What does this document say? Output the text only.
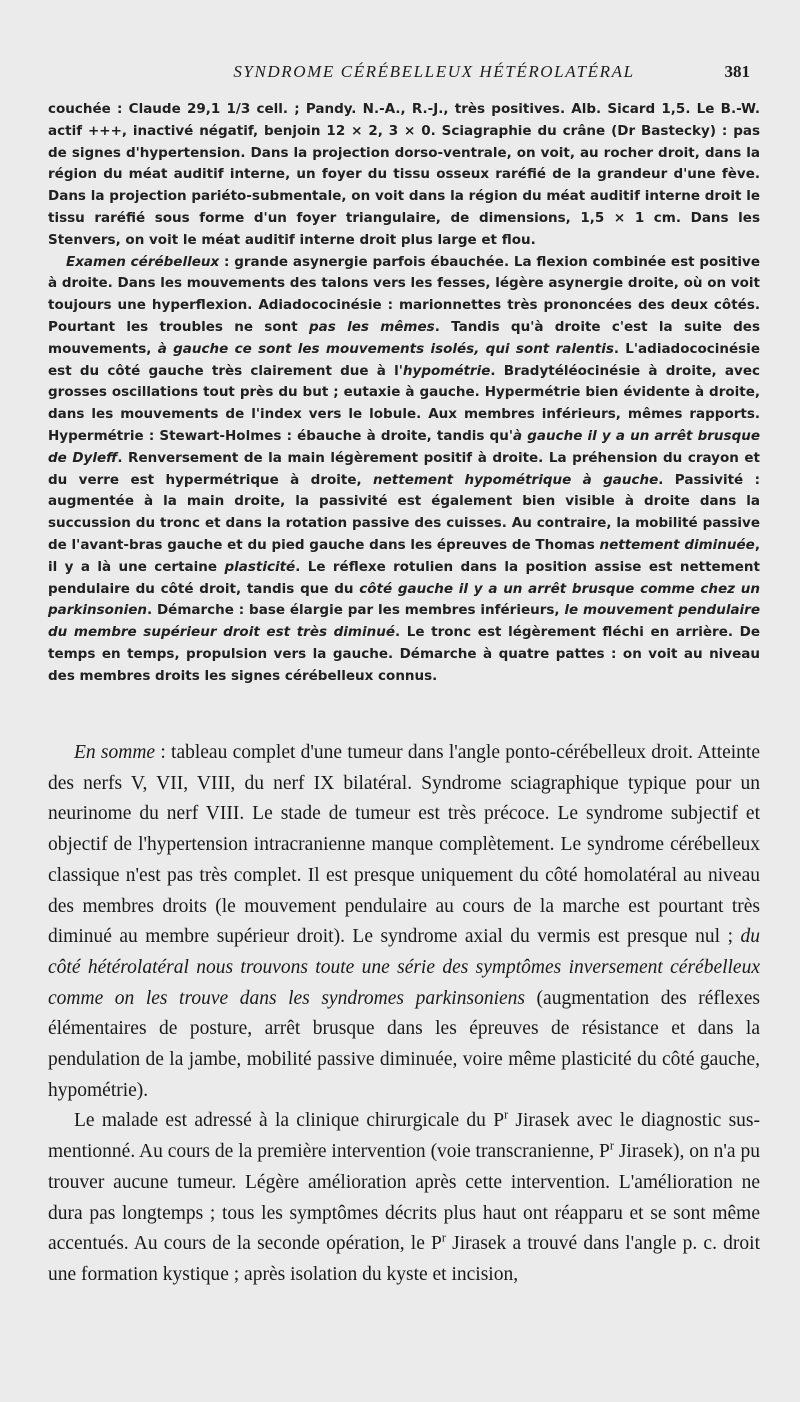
SYNDROME CÉRÉBELLEUX HÉTÉROLATÉRAL	381

couchée : Claude 29,1 1/3 cell. ; Pandy. N.-A., R.-J., très positives. Alb. Sicard 1,5. Le B.-W. actif +++, inactivé négatif, benjoin 12 × 2, 3 × 0. Sciagraphie du crâne (Dr Bastecky) : pas de signes d'hypertension. Dans la projection dorso-ventrale, on voit, au rocher droit, dans la région du méat auditif interne, un foyer du tissu osseux raréfié de la grandeur d'une fève. Dans la projection pariéto-submentale, on voit dans la région du méat auditif interne droit le tissu raréfié sous forme d'un foyer triangulaire, de dimensions, 1,5 × 1 cm. Dans les Stenvers, on voit le méat auditif interne droit plus large et flou.

Examen cérébelleux : grande asynergie parfois ébauchée. La flexion combinée est positive à droite. Dans les mouvements des talons vers les fesses, légère asynergie droite, où on voit toujours une hyperflexion. Adiadococinésie : marionnettes très prononcées des deux côtés. Pourtant les troubles ne sont pas les mêmes. Tandis qu'à droite c'est la suite des mouvements, à gauche ce sont les mouvements isolés, qui sont ralentis. L'adiadococinésie est du côté gauche très clairement due à l'hypométrie. Bradytéléocinésie à droite, avec grosses oscillations tout près du but ; eutaxie à gauche. Hypermétrie bien évidente à droite, dans les mouvements de l'index vers le lobule. Aux membres inférieurs, mêmes rapports. Hypermétrie : Stewart-Holmes : ébauche à droite, tandis qu'à gauche il y a un arrêt brusque de Dyleff. Renversement de la main légèrement positif à droite. La préhension du crayon et du verre est hypermétrique à droite, nettement hypométrique à gauche. Passivité : augmentée à la main droite, la passivité est également bien visible à droite dans la succussion du tronc et dans la rotation passive des cuisses. Au contraire, la mobilité passive de l'avant-bras gauche et du pied gauche dans les épreuves de Thomas nettement diminuée, il y a là une certaine plasticité. Le réflexe rotulien dans la position assise est nettement pendulaire du côté droit, tandis que du côté gauche il y a un arrêt brusque comme chez un parkinsonien. Démarche : base élargie par les membres inférieurs, le mouvement pendulaire du membre supérieur droit est très diminué. Le tronc est légèrement fléchi en arrière. De temps en temps, propulsion vers la gauche. Démarche à quatre pattes : on voit au niveau des membres droits les signes cérébelleux connus.

En somme : tableau complet d'une tumeur dans l'angle ponto-cérébelleux droit. Atteinte des nerfs V, VII, VIII, du nerf IX bilatéral. Syndrome sciagraphique typique pour un neurinome du nerf VIII. Le stade de tumeur est très précoce. Le syndrome subjectif et objectif de l'hypertension intracranienne manque complètement. Le syndrome cérébelleux classique n'est pas très complet. Il est presque uniquement du côté homolatéral au niveau des membres droits (le mouvement pendulaire au cours de la marche est pourtant très diminué au membre supérieur droit). Le syndrome axial du vermis est presque nul ; du côté hétérolatéral nous trouvons toute une série des symptômes inversement cérébelleux comme on les trouve dans les syndromes parkinsoniens (augmentation des réflexes élémentaires de posture, arrêt brusque dans les épreuves de résistance et dans la pendulation de la jambe, mobilité passive diminuée, voire même plasticité du côté gauche, hypométrie).

Le malade est adressé à la clinique chirurgicale du $P^r$ Jirasek avec le diagnostic sus-mentionné. Au cours de la première intervention (voie transcranienne, $P^r$ Jirasek), on n'a pu trouver aucune tumeur. Légère amélioration après cette intervention. L'amélioration ne dura pas longtemps ; tous les symptômes décrits plus haut ont réapparu et se sont même accentués. Au cours de la seconde opération, le $P^r$ Jirasek a trouvé dans l'angle p. c. droit une formation kystique ; après isolation du kyste et incision,
